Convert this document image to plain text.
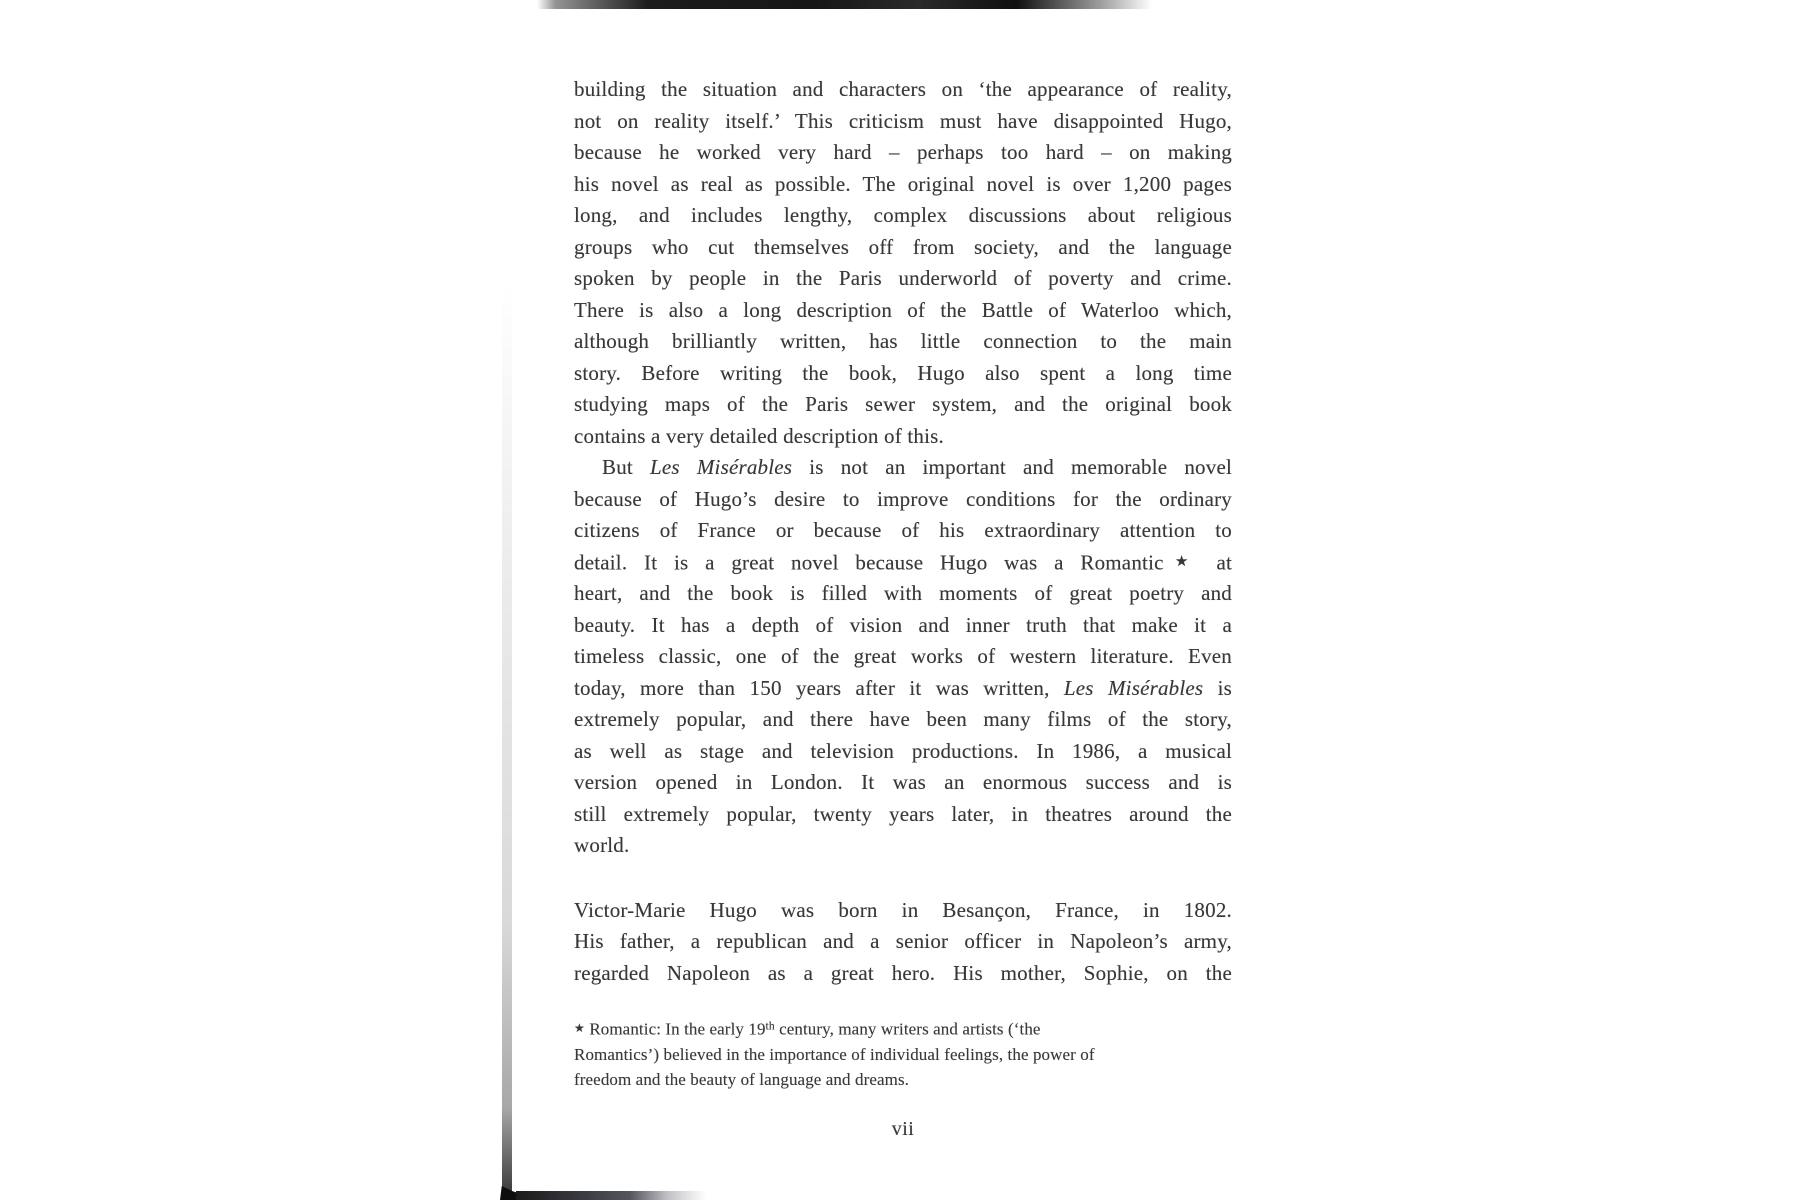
building the situation and characters on ‘the appearance of reality,
not on reality itself.’ This criticism must have disappointed Hugo,
because he worked very hard – perhaps too hard – on making
his novel as real as possible. The original novel is over 1,200 pages
long, and includes lengthy, complex discussions about religious
groups who cut themselves off from society, and the language
spoken by people in the Paris underworld of poverty and crime.
There is also a long description of the Battle of Waterloo which,
although brilliantly written, has little connection to the main
story. Before writing the book, Hugo also spent a long time
studying maps of the Paris sewer system, and the original book
contains a very detailed description of this.
But Les Misérables is not an important and memorable novel
because of Hugo’s desire to improve conditions for the ordinary
citizens of France or because of his extraordinary attention to
detail. It is a great novel because Hugo was a Romantic★ at
heart, and the book is filled with moments of great poetry and
beauty. It has a depth of vision and inner truth that make it a
timeless classic, one of the great works of western literature. Even
today, more than 150 years after it was written, Les Misérables is
extremely popular, and there have been many films of the story,
as well as stage and television productions. In 1986, a musical
version opened in London. It was an enormous success and is
still extremely popular, twenty years later, in theatres around the
world.
Victor-Marie Hugo was born in Besançon, France, in 1802.
His father, a republican and a senior officer in Napoleon’s army,
regarded Napoleon as a great hero. His mother, Sophie, on the
★ Romantic: In the early 19th century, many writers and artists (‘the
Romantics’) believed in the importance of individual feelings, the power of
freedom and the beauty of language and dreams.
vii
